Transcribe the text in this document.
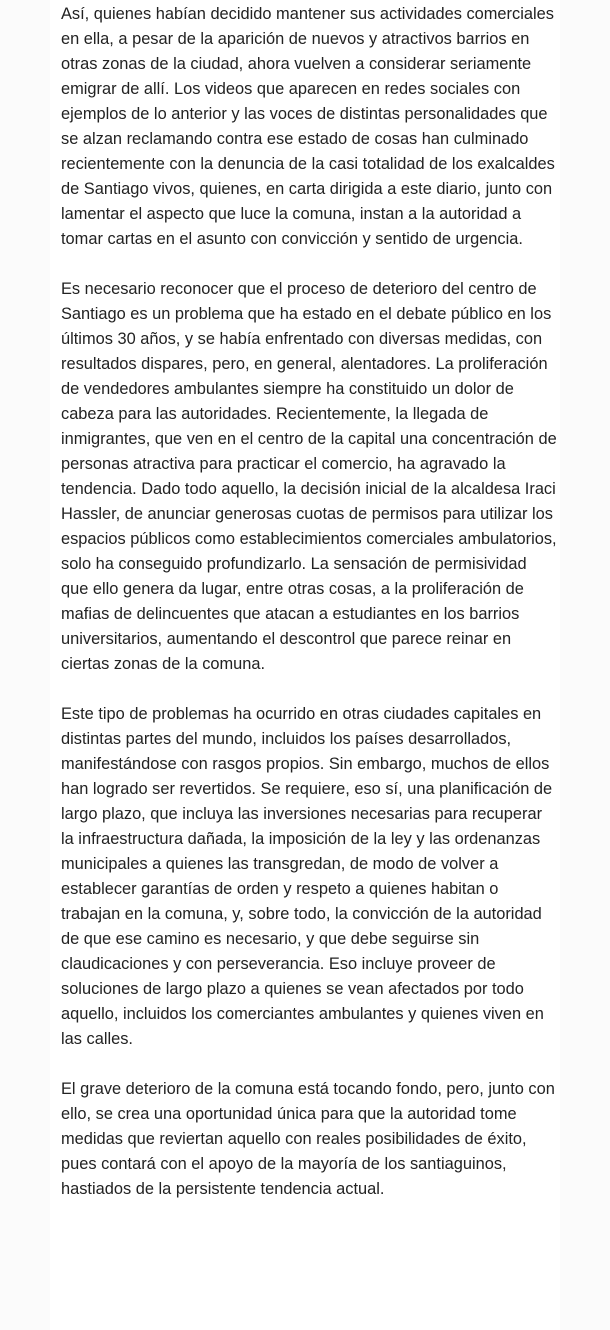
Así, quienes habían decidido mantener sus actividades comerciales en ella, a pesar de la aparición de nuevos y atractivos barrios en otras zonas de la ciudad, ahora vuelven a considerar seriamente emigrar de allí. Los videos que aparecen en redes sociales con ejemplos de lo anterior y las voces de distintas personalidades que se alzan reclamando contra ese estado de cosas han culminado recientemente con la denuncia de la casi totalidad de los exalcaldes de Santiago vivos, quienes, en carta dirigida a este diario, junto con lamentar el aspecto que luce la comuna, instan a la autoridad a tomar cartas en el asunto con convicción y sentido de urgencia.

Es necesario reconocer que el proceso de deterioro del centro de Santiago es un problema que ha estado en el debate público en los últimos 30 años, y se había enfrentado con diversas medidas, con resultados dispares, pero, en general, alentadores. La proliferación de vendedores ambulantes siempre ha constituido un dolor de cabeza para las autoridades. Recientemente, la llegada de inmigrantes, que ven en el centro de la capital una concentración de personas atractiva para practicar el comercio, ha agravado la tendencia. Dado todo aquello, la decisión inicial de la alcaldesa Iraci Hassler, de anunciar generosas cuotas de permisos para utilizar los espacios públicos como establecimientos comerciales ambulatorios, solo ha conseguido profundizarlo. La sensación de permisividad que ello genera da lugar, entre otras cosas, a la proliferación de mafias de delincuentes que atacan a estudiantes en los barrios universitarios, aumentando el descontrol que parece reinar en ciertas zonas de la comuna.

Este tipo de problemas ha ocurrido en otras ciudades capitales en distintas partes del mundo, incluidos los países desarrollados, manifestándose con rasgos propios. Sin embargo, muchos de ellos han logrado ser revertidos. Se requiere, eso sí, una planificación de largo plazo, que incluya las inversiones necesarias para recuperar la infraestructura dañada, la imposición de la ley y las ordenanzas municipales a quienes las transgredan, de modo de volver a establecer garantías de orden y respeto a quienes habitan o trabajan en la comuna, y, sobre todo, la convicción de la autoridad de que ese camino es necesario, y que debe seguirse sin claudicaciones y con perseverancia. Eso incluye proveer de soluciones de largo plazo a quienes se vean afectados por todo aquello, incluidos los comerciantes ambulantes y quienes viven en las calles.

El grave deterioro de la comuna está tocando fondo, pero, junto con ello, se crea una oportunidad única para que la autoridad tome medidas que reviertan aquello con reales posibilidades de éxito, pues contará con el apoyo de la mayoría de los santiaguinos, hastiados de la persistente tendencia actual.
